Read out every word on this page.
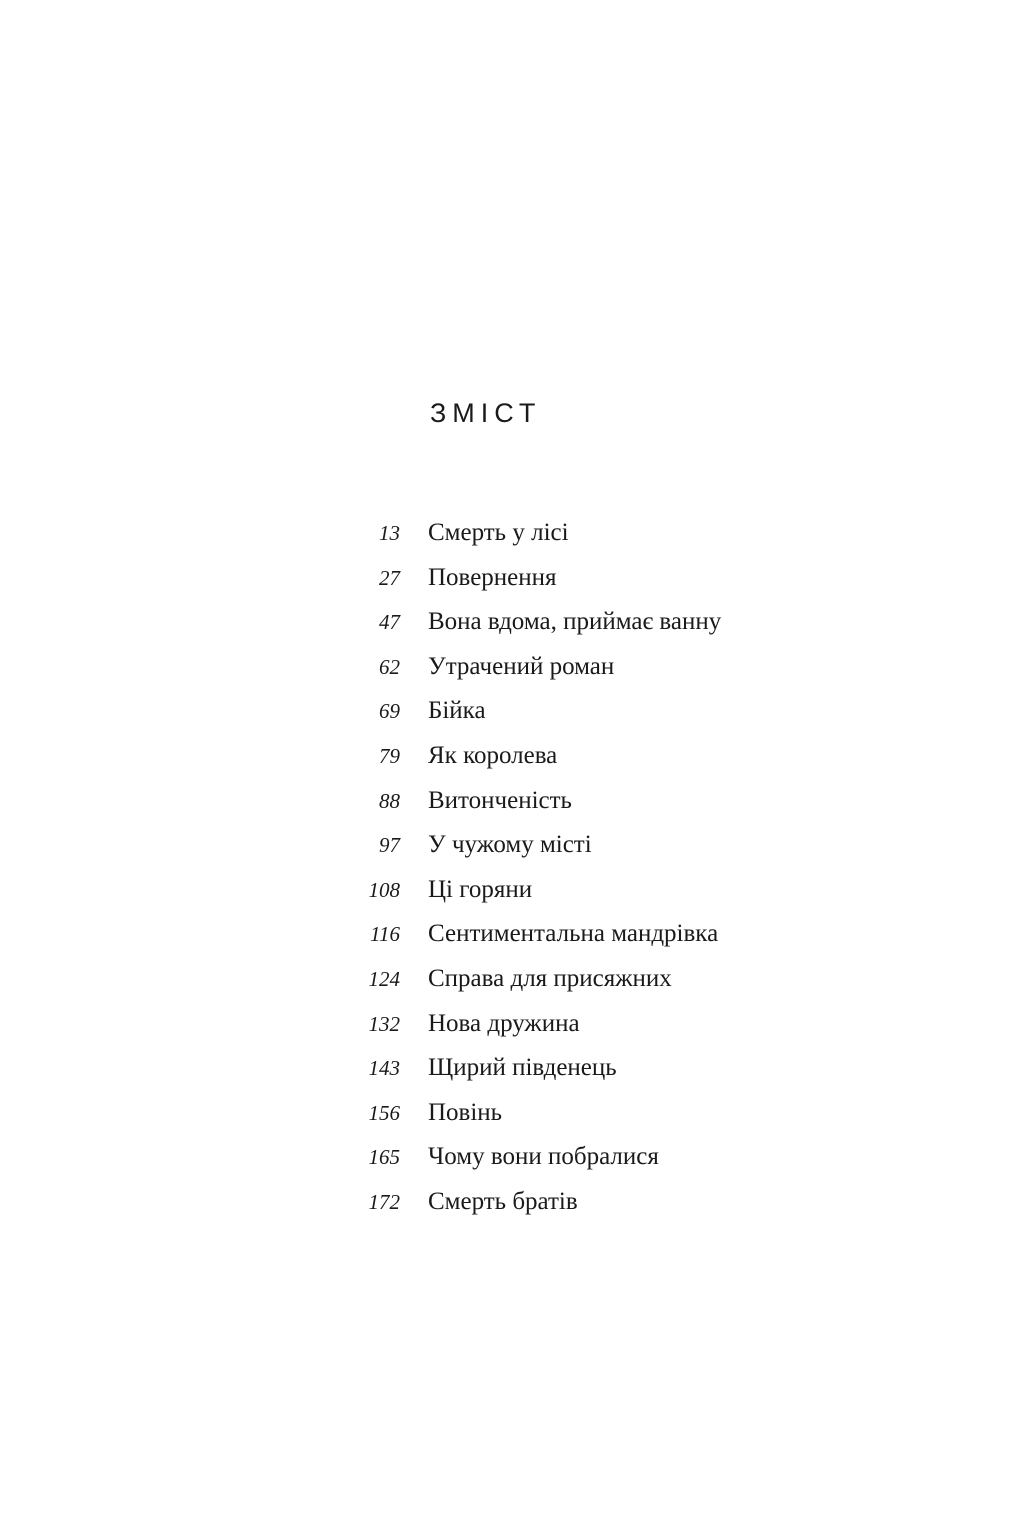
ЗМІСТ
13	Смерть у лісі
27	Повернення
47	Вона вдома, приймає ванну
62	Утрачений роман
69	Бійка
79	Як королева
88	Витонченість
97	У чужому місті
108	Ці горяни
116	Сентиментальна мандрівка
124	Справа для присяжних
132	Нова дружина
143	Щирий південець
156	Повінь
165	Чому вони побралися
172	Смерть братів
